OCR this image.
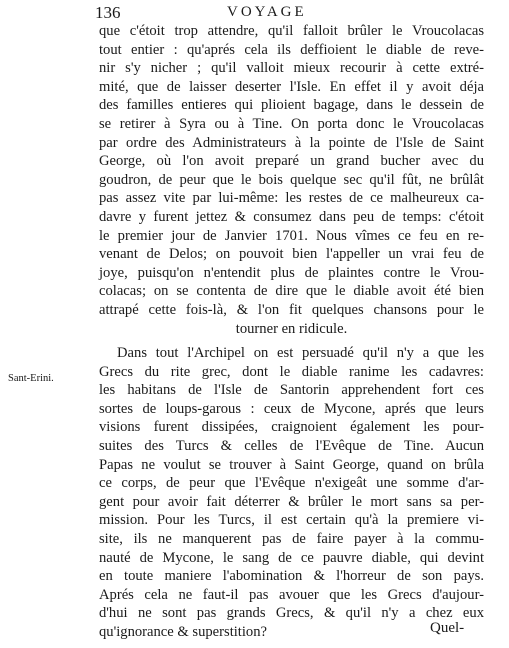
136	VOYAGE
Sant-Erini.
que c'étoit trop attendre, qu'il falloit brûler le Vroucolacas
tout entier : qu'aprés cela ils deffioient le diable de reve-
nir s'y nicher ; qu'il valloit mieux recourir à cette extré-
mité, que de laisser deserter l'Isle. En effet il y avoit déja
des familles entieres qui plioient bagage, dans le dessein de
se retirer à Syra ou à Tine. On porta donc le Vroucolacas
par ordre des Administrateurs à la pointe de l'Isle de Saint
George, où l'on avoit preparé un grand bucher avec du
goudron, de peur que le bois quelque sec qu'il fût, ne brûlât
pas assez vite par lui-même: les restes de ce malheureux ca-
davre y furent jettez & consumez dans peu de temps: c'étoit
le premier jour de Janvier 1701. Nous vîmes ce feu en re-
venant de Delos; on pouvoit bien l'appeller un vrai feu de
joye, puisqu'on n'entendit plus de plaintes contre le Vrou-
colacas; on se contenta de dire que le diable avoit été bien
attrapé cette fois-là, & l'on fit quelques chansons pour le
tourner en ridicule.
Dans tout l'Archipel on est persuadé qu'il n'y a que les
Grecs du rite grec, dont le diable ranime les cadavres:
les habitans de l'Isle de Santorin apprehendent fort ces
sortes de loups-garous : ceux de Mycone, aprés que leurs
visions furent dissipées, craignoient également les pour-
suites des Turcs & celles de l'Evêque de Tine. Aucun
Papas ne voulut se trouver à Saint George, quand on brûla
ce corps, de peur que l'Evêque n'exigeât une somme d'ar-
gent pour avoir fait déterrer & brûler le mort sans sa per-
mission. Pour les Turcs, il est certain qu'à la premiere vi-
site, ils ne manquerent pas de faire payer à la commu-
nauté de Mycone, le sang de ce pauvre diable, qui devint
en toute maniere l'abomination & l'horreur de son pays.
Aprés cela ne faut-il pas avouer que les Grecs d'aujour-
d'hui ne sont pas grands Grecs, & qu'il n'y a chez eux
qu'ignorance & superstition?	Quel-
